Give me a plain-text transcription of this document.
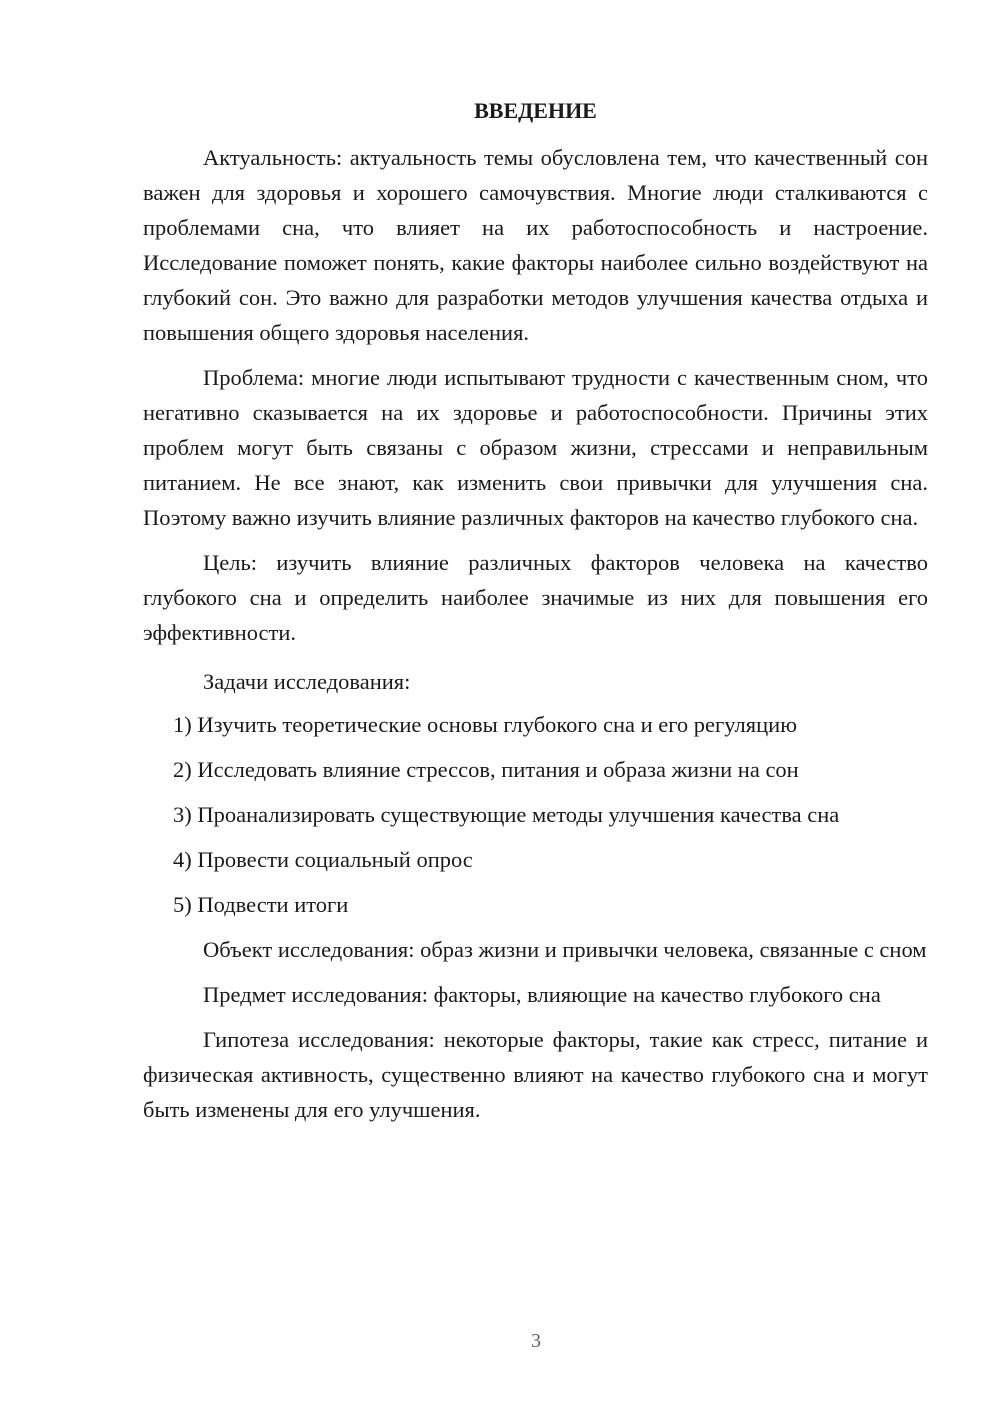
ВВЕДЕНИЕ

Актуальность: актуальность темы обусловлена тем, что качественный сон важен для здоровья и хорошего самочувствия. Многие люди сталкиваются с проблемами сна, что влияет на их работоспособность и настроение. Исследование поможет понять, какие факторы наиболее сильно воздействуют на глубокий сон. Это важно для разработки методов улучшения качества отдыха и повышения общего здоровья населения.

Проблема: многие люди испытывают трудности с качественным сном, что негативно сказывается на их здоровье и работоспособности. Причины этих проблем могут быть связаны с образом жизни, стрессами и неправильным питанием. Не все знают, как изменить свои привычки для улучшения сна. Поэтому важно изучить влияние различных факторов на качество глубокого сна.

Цель: изучить влияние различных факторов человека на качество глубокого сна и определить наиболее значимые из них для повышения его эффективности.

Задачи исследования:

1) Изучить теоретические основы глубокого сна и его регуляцию
2) Исследовать влияние стрессов, питания и образа жизни на сон
3) Проанализировать существующие методы улучшения качества сна
4) Провести социальный опрос
5) Подвести итоги

Объект исследования: образ жизни и привычки человека, связанные с сном

Предмет исследования: факторы, влияющие на качество глубокого сна

Гипотеза исследования: некоторые факторы, такие как стресс, питание и физическая активность, существенно влияют на качество глубокого сна и могут быть изменены для его улучшения.

3
